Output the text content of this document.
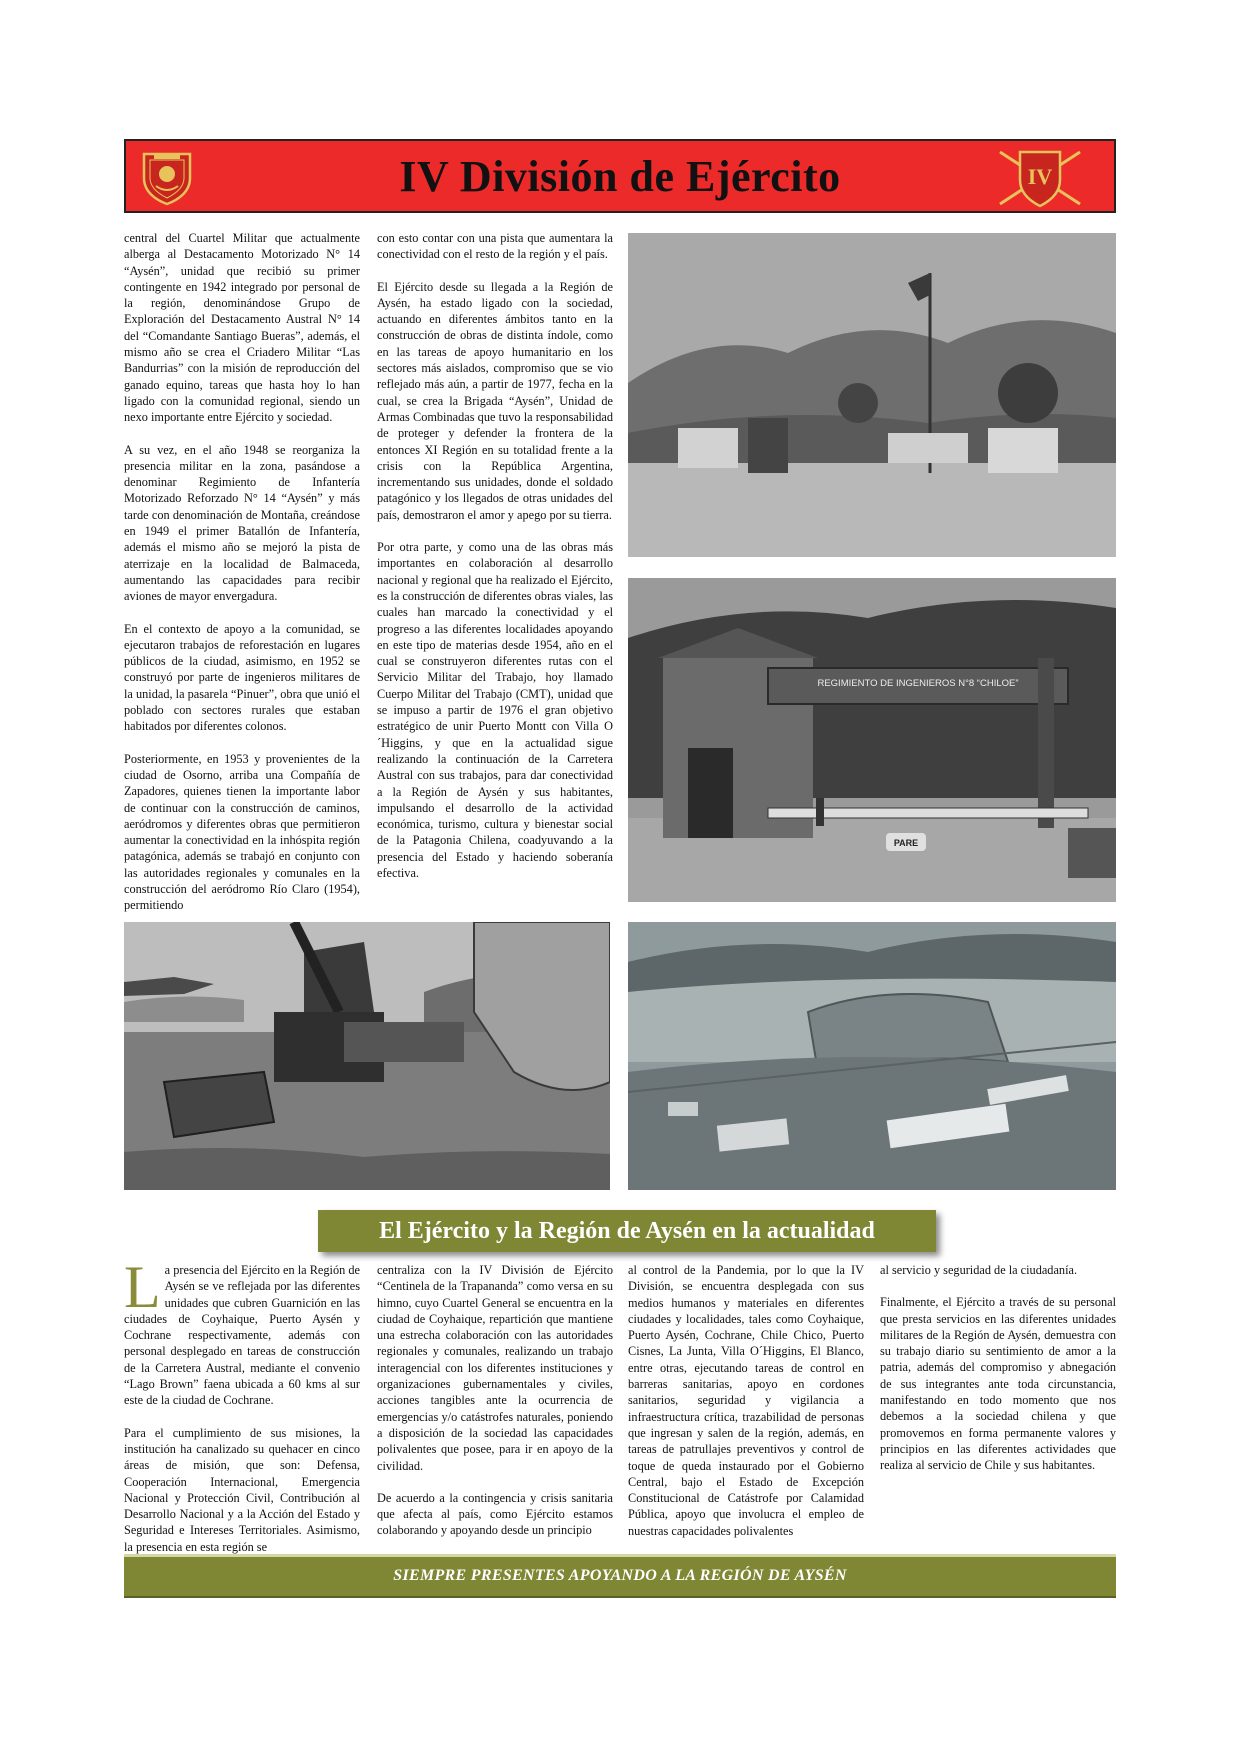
IV División de Ejército	IV

central del Cuartel Militar que actualmente alberga al Destacamento Motorizado N° 14 “Aysén”, unidad que recibió su primer contingente en 1942 integrado por personal de la región, denominándose Grupo de Exploración del Destacamento Austral N° 14 del “Comandante Santiago Bueras”, además, el mismo año se crea el Criadero Militar “Las Bandurrias” con la misión de reproducción del ganado equino, tareas que hasta hoy lo han ligado con la comunidad regional, siendo un nexo importante entre Ejército y sociedad.

A su vez, en el año 1948 se reorganiza la presencia militar en la zona, pasándose a denominar Regimiento de Infantería Motorizado Reforzado N° 14 “Aysén” y más tarde con denominación de Montaña, creándose en 1949 el primer Batallón de Infantería, además el mismo año se mejoró la pista de aterrizaje en la localidad de Balmaceda, aumentando las capacidades para recibir aviones de mayor envergadura.

En el contexto de apoyo a la comunidad, se ejecutaron trabajos de reforestación en lugares públicos de la ciudad, asimismo, en 1952 se construyó por parte de ingenieros militares de la unidad, la pasarela “Pinuer”, obra que unió el poblado con sectores rurales que estaban habitados por diferentes colonos.

Posteriormente, en 1953 y provenientes de la ciudad de Osorno, arriba una Compañía de Zapadores, quienes tienen la importante labor de continuar con la construcción de caminos, aeródromos y diferentes obras que permitieron aumentar la conectividad en la inhóspita región patagónica, además se trabajó en conjunto con las autoridades regionales y comunales en la construcción del aeródromo Río Claro (1954), permitiendo

con esto contar con una pista que aumentara la conectividad con el resto de la región y el país.

El Ejército desde su llegada a la Región de Aysén, ha estado ligado con la sociedad, actuando en diferentes ámbitos tanto en la construcción de obras de distinta índole, como en las tareas de apoyo humanitario en los sectores más aislados, compromiso que se vio reflejado más aún, a partir de 1977, fecha en la cual, se crea la Brigada “Aysén”, Unidad de Armas Combinadas que tuvo la responsabilidad de proteger y defender la frontera de la entonces XI Región en su totalidad frente a la crisis con la República Argentina, incrementando sus unidades, donde el soldado patagónico y los llegados de otras unidades del país, demostraron el amor y apego por su tierra.

Por otra parte, y como una de las obras más importantes en colaboración al desarrollo nacional y regional que ha realizado el Ejército, es la construcción de diferentes obras viales, las cuales han marcado la conectividad y el progreso a las diferentes localidades apoyando en este tipo de materias desde 1954, año en el cual se construyeron diferentes rutas con el Servicio Militar del Trabajo, hoy llamado Cuerpo Militar del Trabajo (CMT), unidad que se impuso a partir de 1976 el gran objetivo estratégico de unir Puerto Montt con Villa O´Higgins, y que en la actualidad sigue realizando la continuación de la Carretera Austral con sus trabajos, para dar conectividad a la Región de Aysén y sus habitantes, impulsando el desarrollo de la actividad económica, turismo, cultura y bienestar social de la Patagonia Chilena, coadyuvando a la presencia del Estado y haciendo soberanía efectiva.

REGIMIENTO DE INGENIEROS N°8 “CHILOE”
PARE
El Ejército y la Región de Aysén en la actualidad

La presencia del Ejército en la Región de Aysén se ve reflejada por las diferentes unidades que cubren Guarnición en las ciudades de Coyhaique, Puerto Aysén y Cochrane respectivamente, además con personal desplegado en tareas de construcción de la Carretera Austral, mediante el convenio “Lago Brown” faena ubicada a 60 kms al sur este de la ciudad de Cochrane.

Para el cumplimiento de sus misiones, la institución ha canalizado su quehacer en cinco áreas de misión, que son: Defensa, Cooperación Internacional, Emergencia Nacional y Protección Civil, Contribución al Desarrollo Nacional y a la Acción del Estado y Seguridad e Intereses Territoriales. Asimismo, la presencia en esta región se

centraliza con la IV División de Ejército “Centinela de la Trapananda” como versa en su himno, cuyo Cuartel General se encuentra en la ciudad de Coyhaique, repartición que mantiene una estrecha colaboración con las autoridades regionales y comunales, realizando un trabajo interagencial con los diferentes instituciones y organizaciones gubernamentales y civiles, acciones tangibles ante la ocurrencia de emergencias y/o catástrofes naturales, poniendo a disposición de la sociedad las capacidades polivalentes que posee, para ir en apoyo de la civilidad.

De acuerdo a la contingencia y crisis sanitaria que afecta al país, como Ejército estamos colaborando y apoyando desde un principio

al control de la Pandemia, por lo que la IV División, se encuentra desplegada con sus medios humanos y materiales en diferentes ciudades y localidades, tales como Coyhaique, Puerto Aysén, Cochrane, Chile Chico, Puerto Cisnes, La Junta, Villa O´Higgins, El Blanco, entre otras, ejecutando tareas de control en barreras sanitarias, apoyo en cordones sanitarios, seguridad y vigilancia a infraestructura crítica, trazabilidad de personas que ingresan y salen de la región, además, en tareas de patrullajes preventivos y control de toque de queda instaurado por el Gobierno Central, bajo el Estado de Excepción Constitucional de Catástrofe por Calamidad Pública, apoyo que involucra el empleo de nuestras capacidades polivalentes

al servicio y seguridad de la ciudadanía.

Finalmente, el Ejército a través de su personal que presta servicios en las diferentes unidades militares de la Región de Aysén, demuestra con su trabajo diario su sentimiento de amor a la patria, además del compromiso y abnegación de sus integrantes ante toda circunstancia, manifestando en todo momento que nos debemos a la sociedad chilena y que promovemos en forma permanente valores y principios en las diferentes actividades que realiza al servicio de Chile y sus habitantes.

SIEMPRE PRESENTES APOYANDO A LA REGIÓN DE AYSÉN
